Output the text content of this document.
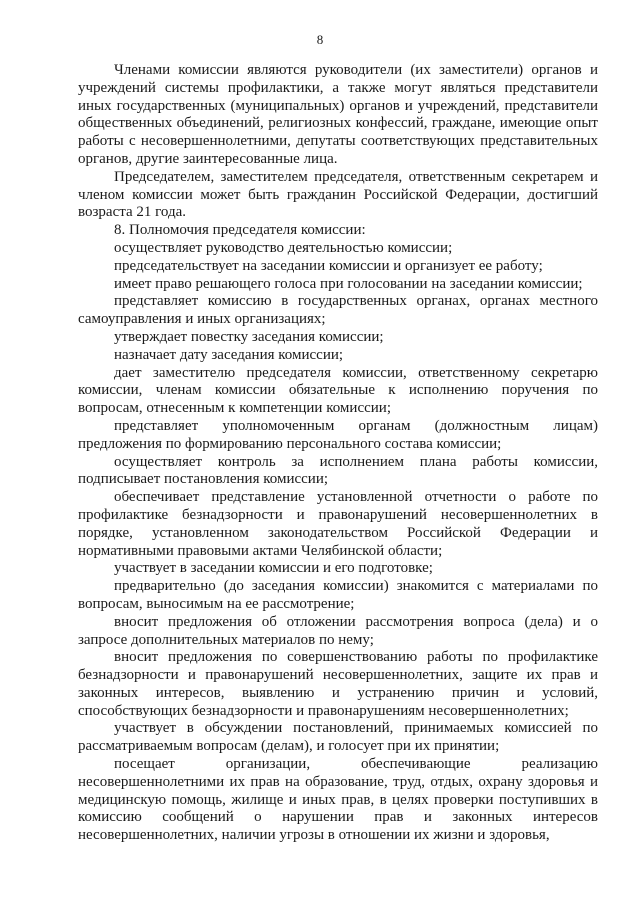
8

Членами комиссии являются руководители (их заместители) органов и учреждений системы профилактики, а также могут являться представители иных государственных (муниципальных) органов и учреждений, представители общественных объединений, религиозных конфессий, граждане, имеющие опыт работы с несовершеннолетними, депутаты соответствующих представительных органов, другие заинтересованные лица.

Председателем, заместителем председателя, ответственным секретарем и членом комиссии может быть гражданин Российской Федерации, достигший возраста 21 года.

8. Полномочия председателя комиссии:

осуществляет руководство деятельностью комиссии;

председательствует на заседании комиссии и организует ее работу;

имеет право решающего голоса при голосовании на заседании комиссии;

представляет комиссию в государственных органах, органах местного самоуправления и иных организациях;

утверждает повестку заседания комиссии;

назначает дату заседания комиссии;

дает заместителю председателя комиссии, ответственному секретарю комиссии, членам комиссии обязательные к исполнению поручения по вопросам, отнесенным к компетенции комиссии;

представляет уполномоченным органам (должностным лицам) предложения по формированию персонального состава комиссии;

осуществляет контроль за исполнением плана работы комиссии, подписывает постановления комиссии;

обеспечивает представление установленной отчетности о работе по профилактике безнадзорности и правонарушений несовершеннолетних в порядке, установленном законодательством Российской Федерации и нормативными правовыми актами Челябинской области;

участвует в заседании комиссии и его подготовке;

предварительно (до заседания комиссии) знакомится с материалами по вопросам, выносимым на ее рассмотрение;

вносит предложения об отложении рассмотрения вопроса (дела) и о запросе дополнительных материалов по нему;

вносит предложения по совершенствованию работы по профилактике безнадзорности и правонарушений несовершеннолетних, защите их прав и законных интересов, выявлению и устранению причин и условий, способствующих безнадзорности и правонарушениям несовершеннолетних;

участвует в обсуждении постановлений, принимаемых комиссией по рассматриваемым вопросам (делам), и голосует при их принятии;

посещает организации, обеспечивающие реализацию несовершеннолетними их прав на образование, труд, отдых, охрану здоровья и медицинскую помощь, жилище и иных прав, в целях проверки поступивших в комиссию сообщений о нарушении прав и законных интересов несовершеннолетних, наличии угрозы в отношении их жизни и здоровья,
